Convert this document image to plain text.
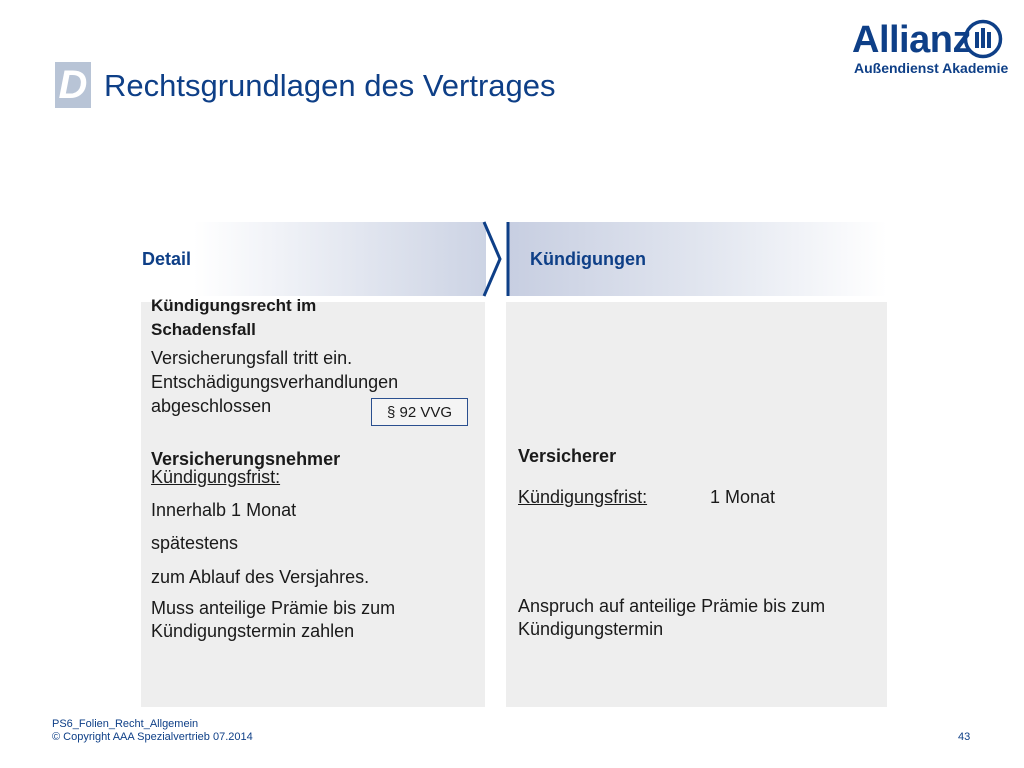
D Rechtsgrundlagen des Vertrages
Allianz
Außendienst Akademie
Detail	Kündigungen
Kündigungsrecht im
Schadensfall
Versicherungsfall tritt ein.
Entschädigungsverhandlungen
abgeschlossen	§ 92 VVG
Versicherungsnehmer
Kündigungsfrist:
Innerhalb 1 Monat
spätestens
zum Ablauf des Versjahres.
Muss anteilige Prämie bis zum
Kündigungstermin zahlen
Versicherer
Kündigungsfrist:	1 Monat
Anspruch auf anteilige Prämie bis zum
Kündigungstermin
PS6_Folien_Recht_Allgemein
© Copyright AAA Spezialvertrieb 07.2014	43
